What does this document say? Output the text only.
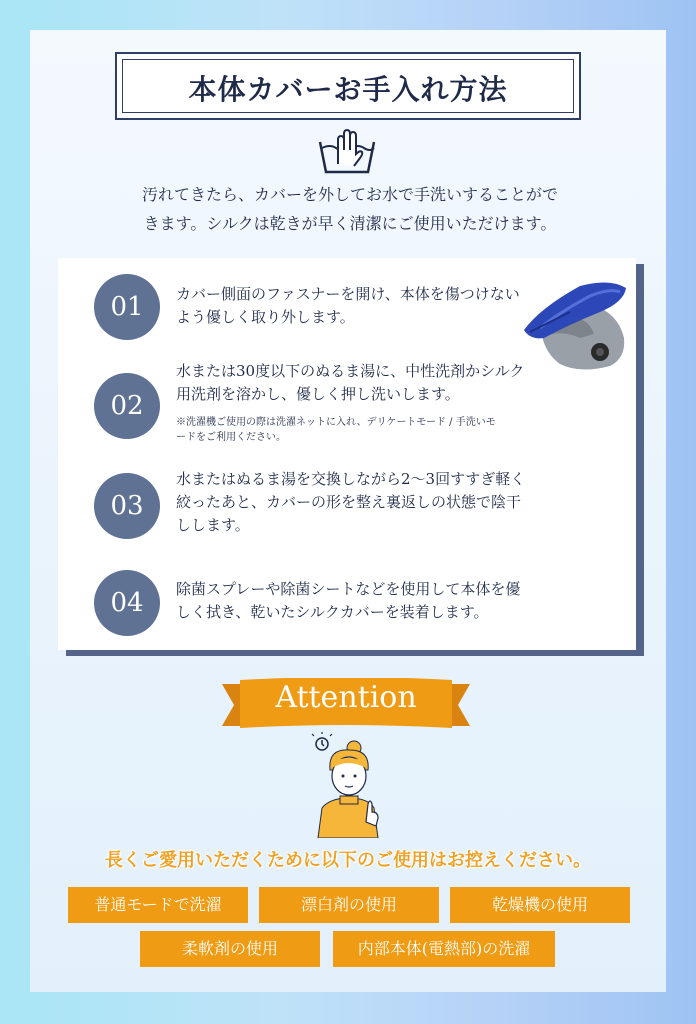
本体カバーお手入れ方法
汚れてきたら、カバーを外してお水で手洗いすることがで
きます。シルクは乾きが早く清潔にご使用いただけます。
01	カバー側面のファスナーを開け、本体を傷つけない
よう優しく取り外します。
02
水または30度以下のぬるま湯に、中性洗剤かシルク
用洗剤を溶かし、優しく押し洗いします。
※洗濯機ご使用の際は洗濯ネットに入れ、デリケートモード / 手洗いモ
ードをご利用ください。
03
水またはぬるま湯を交換しながら2〜3回すすぎ軽く
絞ったあと、カバーの形を整え裏返しの状態で陰干
しします。
04	除菌スプレーや除菌シートなどを使用して本体を優
しく拭き、乾いたシルクカバーを装着します。
Attention
長くご愛用いただくために以下のご使用はお控えください。
普通モードで洗濯	漂白剤の使用	乾燥機の使用
柔軟剤の使用	内部本体(電熱部)の洗濯
